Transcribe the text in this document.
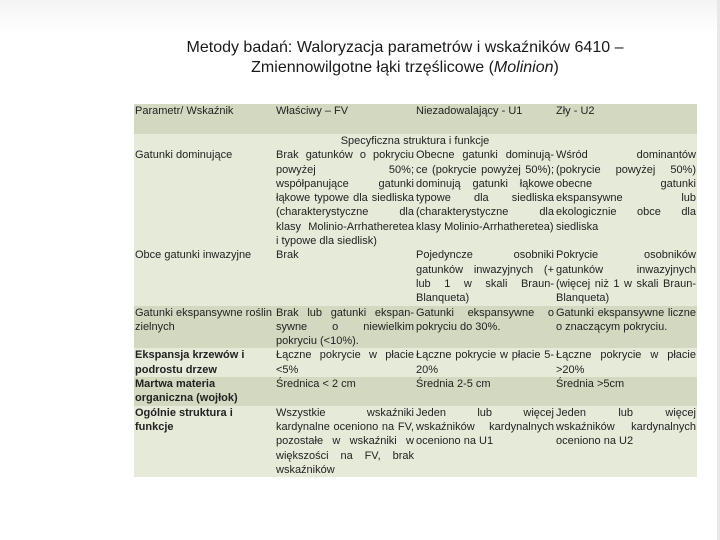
Metody badań: Waloryzacja parametrów i wskaźników 6410 –
Zmiennowilgotne łąki trzęślicowe (Molinion)
Parametr/ Wskaźnik	Właściwy – FV	Niezadowalający - U1	Zły - U2
	Specyficzna struktura i funkcje		
Gatunki dominujące	Brak gatunków o pokryciu powyżej 50%; współpanujące gatunki łąkowe typowe dla siedliska (charakterystyczne dla klasy Molinio-Arrhatheretea i typowe dla siedlisk)	Obecne gatunki dominują-ce (pokrycie powyżej 50%); dominują gatunki łąkowe typowe dla siedliska (charakterystyczne dla klasy Molinio-Arrhatheretea)	Wśród dominantów (pokrycie powyżej 50%) obecne gatunki ekspansywne lub ekologicznie obce dla siedliska
Obce gatunki inwazyjne	Brak	Pojedyncze osobniki gatunków inwazyjnych (+ lub 1 w skali Braun-Blanqueta)	Pokrycie osobników gatunków inwazyjnych (więcej niż 1 w skali Braun-Blanqueta)
Gatunki ekspansywne roślin zielnych	Brak lub gatunki ekspan-sywne o niewielkim pokryciu (<10%).	Gatunki ekspansywne o pokryciu do 30%.	Gatunki ekspansywne liczne o znaczącym pokryciu.
Ekspansja krzewów i podrostu drzew	Łączne pokrycie w płacie <5%	Łączne pokrycie w płacie 5-20%	Łączne pokrycie w płacie >20%
Martwa materia organiczna (wojłok)	Średnica < 2 cm	Średnia 2-5 cm	Średnia >5cm
Ogólnie struktura i funkcje	Wszystkie wskaźniki kardynalne oceniono na FV, pozostałe w wskaźniki w większości na FV, brak wskaźników	Jeden lub więcej wskaźników kardynalnych oceniono na U1	Jeden lub więcej wskaźników kardynalnych oceniono na U2
